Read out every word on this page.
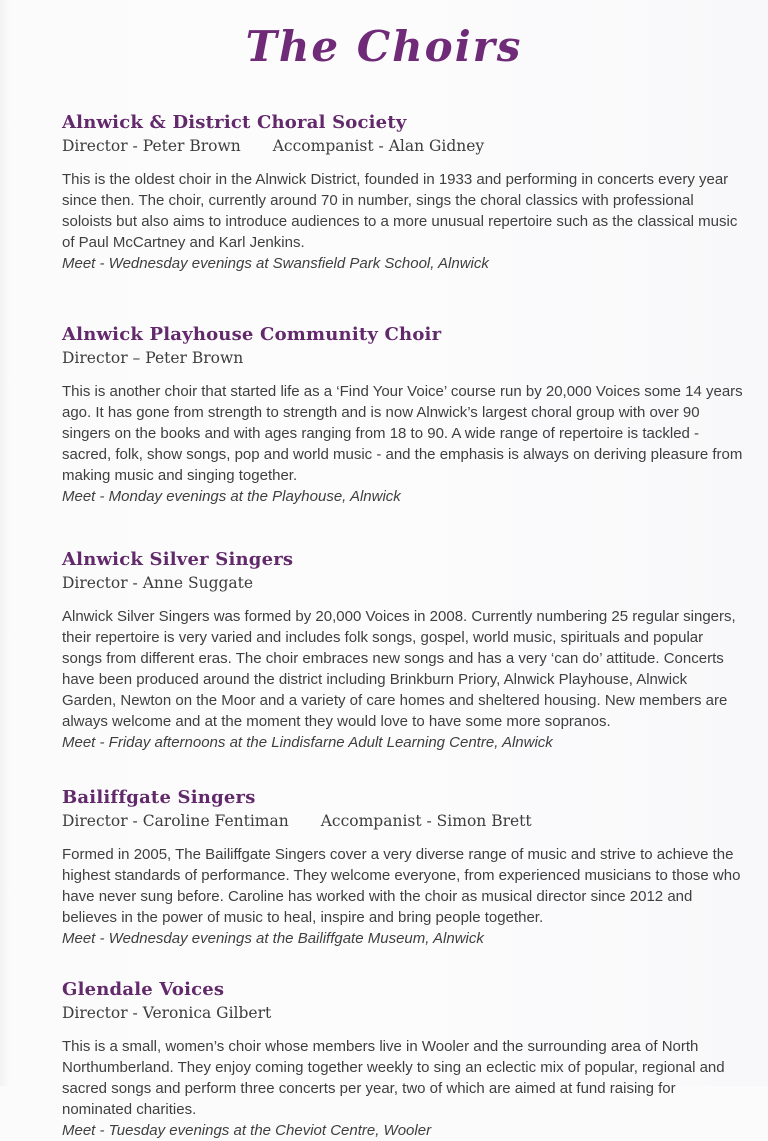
The Choirs
Alnwick & District Choral Society
Director - Peter Brown Accompanist - Alan Gidney

This is the oldest choir in the Alnwick District, founded in 1933 and performing in concerts every year since then. The choir, currently around 70 in number, sings the choral classics with professional soloists but also aims to introduce audiences to a more unusual repertoire such as the classical music of Paul McCartney and Karl Jenkins.

Meet - Wednesday evenings at Swansfield Park School, Alnwick

Alnwick Playhouse Community Choir
Director – Peter Brown

This is another choir that started life as a ‘Find Your Voice’ course run by 20,000 Voices some 14 years ago. It has gone from strength to strength and is now Alnwick’s largest choral group with over 90 singers on the books and with ages ranging from 18 to 90. A wide range of repertoire is tackled - sacred, folk, show songs, pop and world music - and the emphasis is always on deriving pleasure from making music and singing together.

Meet - Monday evenings at the Playhouse, Alnwick

Alnwick Silver Singers
Director - Anne Suggate

Alnwick Silver Singers was formed by 20,000 Voices in 2008. Currently numbering 25 regular singers, their repertoire is very varied and includes folk songs, gospel, world music, spirituals and popular songs from different eras. The choir embraces new songs and has a very ‘can do’ attitude. Concerts have been produced around the district including Brinkburn Priory, Alnwick Playhouse, Alnwick Garden, Newton on the Moor and a variety of care homes and sheltered housing. New members are always welcome and at the moment they would love to have some more sopranos.

Meet - Friday afternoons at the Lindisfarne Adult Learning Centre, Alnwick

Bailiffgate Singers
Director - Caroline Fentiman Accompanist - Simon Brett

Formed in 2005, The Bailiffgate Singers cover a very diverse range of music and strive to achieve the highest standards of performance. They welcome everyone, from experienced musicians to those who have never sung before. Caroline has worked with the choir as musical director since 2012 and believes in the power of music to heal, inspire and bring people together.

Meet - Wednesday evenings at the Bailiffgate Museum, Alnwick

Glendale Voices
Director - Veronica Gilbert

This is a small, women’s choir whose members live in Wooler and the surrounding area of North Northumberland. They enjoy coming together weekly to sing an eclectic mix of popular, regional and sacred songs and perform three concerts per year, two of which are aimed at fund raising for nominated charities.

Meet - Tuesday evenings at the Cheviot Centre, Wooler
